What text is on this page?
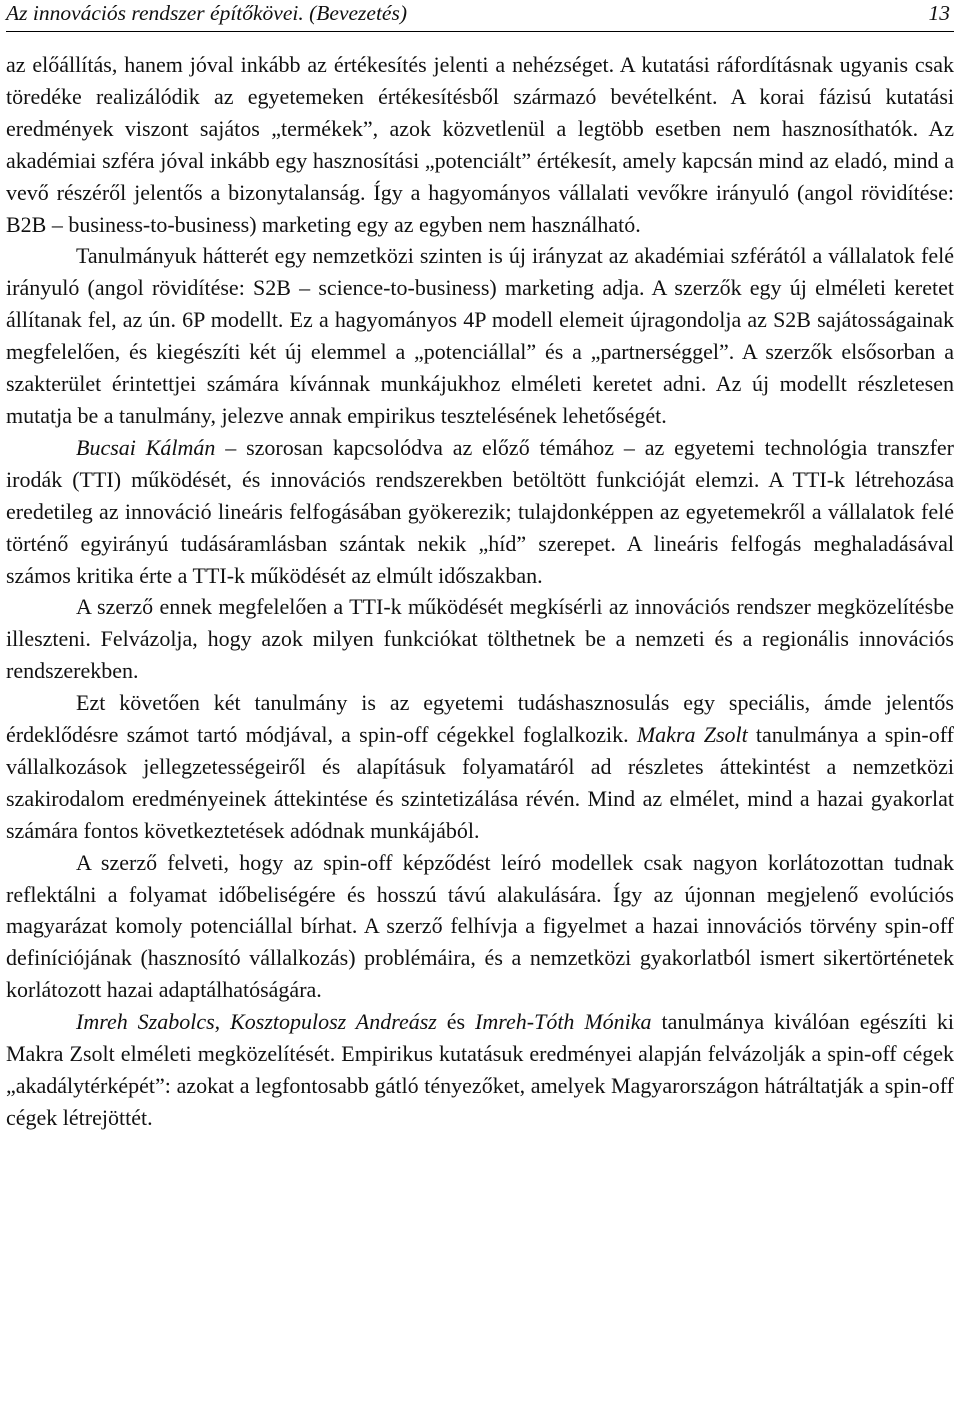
Az innovációs rendszer építőkövei. (Bevezetés)	13

az előállítás, hanem jóval inkább az értékesítés jelenti a nehézséget. A kutatási ráfordításnak ugyanis csak töredéke realizálódik az egyetemeken értékesítésből származó bevételként. A korai fázisú kutatási eredmények viszont sajátos „termékek”, azok közvetlenül a legtöbb esetben nem hasznosíthatók. Az akadémiai szféra jóval inkább egy hasznosítási „potenciált” értékesít, amely kapcsán mind az eladó, mind a vevő részéről jelentős a bizonytalanság. Így a hagyományos vállalati vevőkre irányuló (angol rövidítése: B2B – business-to-business) marketing egy az egyben nem használható.

Tanulmányuk hátterét egy nemzetközi szinten is új irányzat az akadémiai szférától a vállalatok felé irányuló (angol rövidítése: S2B – science-to-business) marketing adja. A szerzők egy új elméleti keretet állítanak fel, az ún. 6P modellt. Ez a hagyományos 4P modell elemeit újragondolja az S2B sajátosságainak megfelelően, és kiegészíti két új elemmel a „potenciállal” és a „partnerséggel”. A szerzők elsősorban a szakterület érintettjei számára kívánnak munkájukhoz elméleti keretet adni. Az új modellt részletesen mutatja be a tanulmány, jelezve annak empirikus tesztelésének lehetőségét.

Bucsai Kálmán – szorosan kapcsolódva az előző témához – az egyetemi technológia transzfer irodák (TTI) működését, és innovációs rendszerekben betöltött funkcióját elemzi. A TTI-k létrehozása eredetileg az innováció lineáris felfogásában gyökerezik; tulajdonképpen az egyetemekről a vállalatok felé történő egyirányú tudásáramlásban szántak nekik „híd” szerepet. A lineáris felfogás meghaladásával számos kritika érte a TTI-k működését az elmúlt időszakban.

A szerző ennek megfelelően a TTI-k működését megkísérli az innovációs rendszer megközelítésbe illeszteni. Felvázolja, hogy azok milyen funkciókat tölthetnek be a nemzeti és a regionális innovációs rendszerekben.

Ezt követően két tanulmány is az egyetemi tudáshasznosulás egy speciális, ámde jelentős érdeklődésre számot tartó módjával, a spin-off cégekkel foglalkozik. Makra Zsolt tanulmánya a spin-off vállalkozások jellegzetességeiről és alapításuk folyamatáról ad részletes áttekintést a nemzetközi szakirodalom eredményeinek áttekintése és szintetizálása révén. Mind az elmélet, mind a hazai gyakorlat számára fontos következtetések adódnak munkájából.

A szerző felveti, hogy az spin-off képződést leíró modellek csak nagyon korlátozottan tudnak reflektálni a folyamat időbeliségére és hosszú távú alakulására. Így az újonnan megjelenő evolúciós magyarázat komoly potenciállal bírhat. A szerző felhívja a figyelmet a hazai innovációs törvény spin-off definíciójának (hasznosító vállalkozás) problémáira, és a nemzetközi gyakorlatból ismert sikertörténetek korlátozott hazai adaptálhatóságára.

Imreh Szabolcs, Kosztopulosz Andreász és Imreh-Tóth Mónika tanulmánya kiválóan egészíti ki Makra Zsolt elméleti megközelítését. Empirikus kutatásuk eredményei alapján felvázolják a spin-off cégek „akadálytérképét”: azokat a legfontosabb gátló tényezőket, amelyek Magyarországon hátráltatják a spin-off cégek létrejöttét.
